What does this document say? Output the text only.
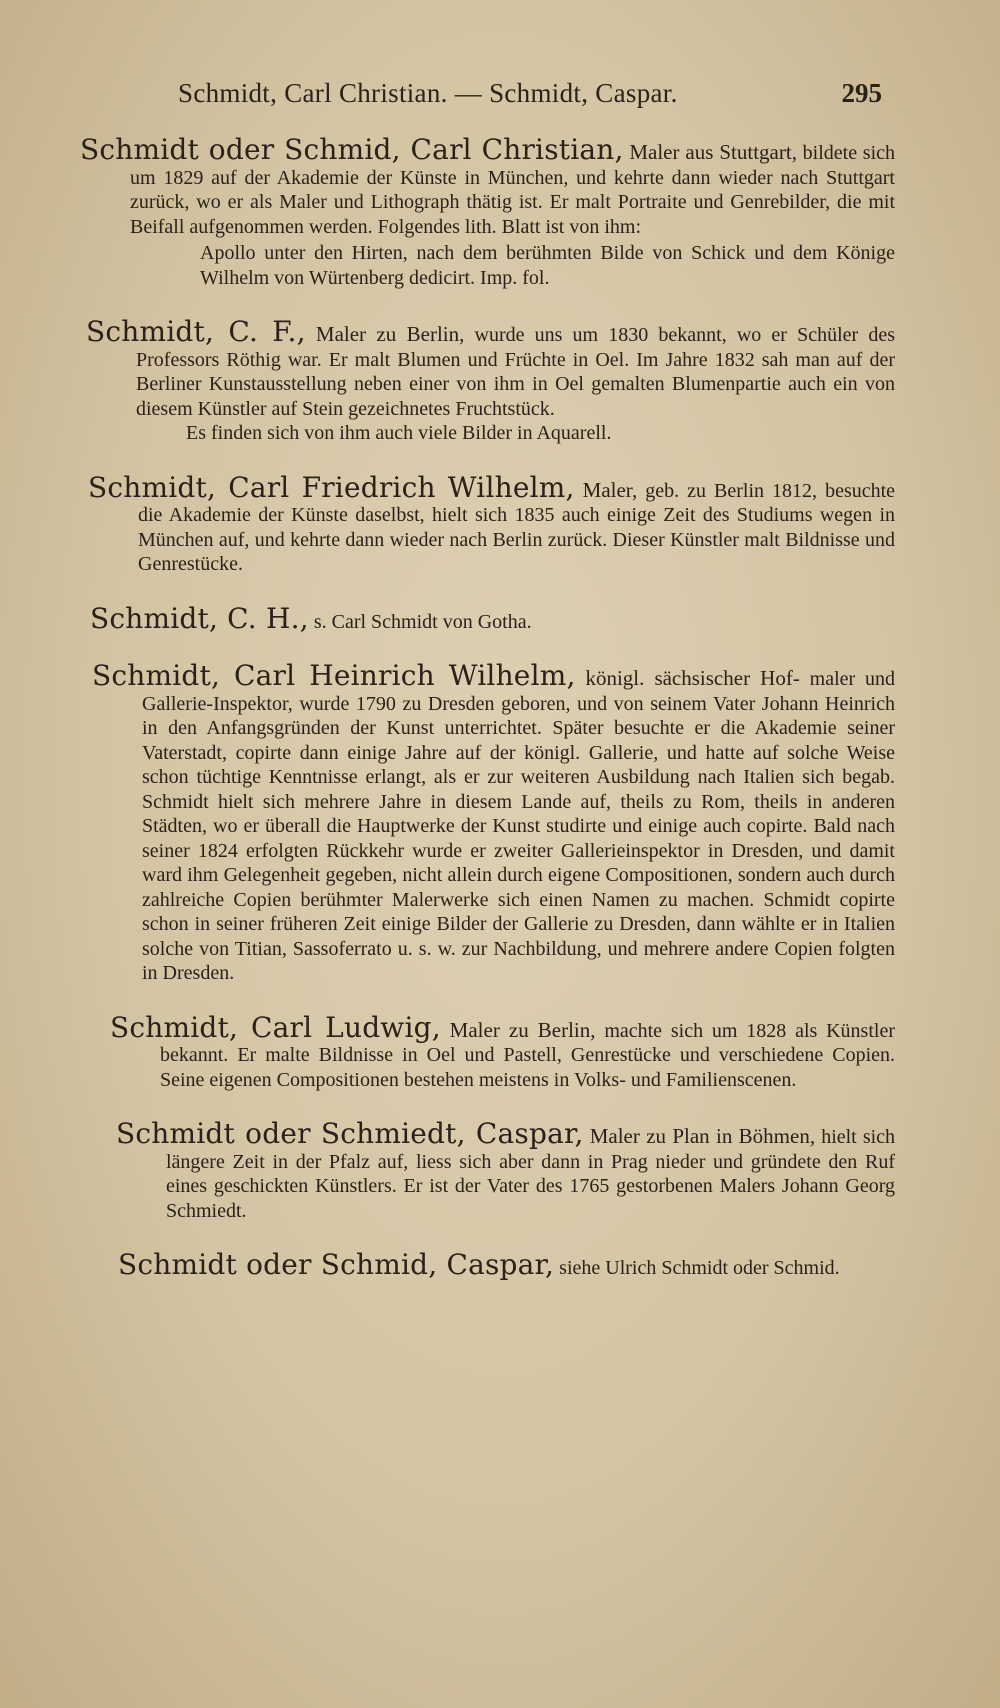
Schmidt, Carl Christian. — Schmidt, Caspar.	295
Schmidt oder Schmid, Carl Christian, Maler aus Stuttgart, bildete sich um 1829 auf der Akademie der Künste in München, und kehrte dann wieder nach Stuttgart zurück, wo er als Maler und Lithograph thätig ist. Er malt Portraite und Genrebilder, die mit Beifall aufgenommen werden. Folgendes lith. Blatt ist von ihm:
Apollo unter den Hirten, nach dem berühmten Bilde von Schick und dem Könige Wilhelm von Würtenberg dedicirt. Imp. fol.
Schmidt, C. F., Maler zu Berlin, wurde uns um 1830 bekannt, wo er Schüler des Professors Röthig war. Er malt Blumen und Früchte in Oel. Im Jahre 1832 sah man auf der Berliner Kunstausstellung neben einer von ihm in Oel gemalten Blumenpartie auch ein von diesem Künstler auf Stein gezeichnetes Fruchtstück.
Es finden sich von ihm auch viele Bilder in Aquarell.
Schmidt, Carl Friedrich Wilhelm, Maler, geb. zu Berlin 1812, besuchte die Akademie der Künste daselbst, hielt sich 1835 auch einige Zeit des Studiums wegen in München auf, und kehrte dann wieder nach Berlin zurück. Dieser Künstler malt Bildnisse und Genrestücke.
Schmidt, C. H., s. Carl Schmidt von Gotha.
Schmidt, Carl Heinrich Wilhelm, königl. sächsischer Hof- maler und Gallerie-Inspektor, wurde 1790 zu Dresden geboren, und von seinem Vater Johann Heinrich in den Anfangsgründen der Kunst unterrichtet. Später besuchte er die Akademie seiner Vaterstadt, copirte dann einige Jahre auf der königl. Gallerie, und hatte auf solche Weise schon tüchtige Kenntnisse erlangt, als er zur weiteren Ausbildung nach Italien sich begab. Schmidt hielt sich mehrere Jahre in diesem Lande auf, theils zu Rom, theils in anderen Städten, wo er überall die Hauptwerke der Kunst studirte und einige auch copirte. Bald nach seiner 1824 erfolgten Rückkehr wurde er zweiter Gallerieinspektor in Dresden, und damit ward ihm Gelegenheit gegeben, nicht allein durch eigene Compositionen, sondern auch durch zahlreiche Copien berühmter Malerwerke sich einen Namen zu machen. Schmidt copirte schon in seiner früheren Zeit einige Bilder der Gallerie zu Dresden, dann wählte er in Italien solche von Titian, Sassoferrato u. s. w. zur Nachbildung, und mehrere andere Copien folgten in Dresden.
Schmidt, Carl Ludwig, Maler zu Berlin, machte sich um 1828 als Künstler bekannt. Er malte Bildnisse in Oel und Pastell, Genrestücke und verschiedene Copien. Seine eigenen Compositionen bestehen meistens in Volks- und Familienscenen.
Schmidt oder Schmiedt, Caspar, Maler zu Plan in Böhmen, hielt sich längere Zeit in der Pfalz auf, liess sich aber dann in Prag nieder und gründete den Ruf eines geschickten Künstlers. Er ist der Vater des 1765 gestorbenen Malers Johann Georg Schmiedt.
Schmidt oder Schmid, Caspar, siehe Ulrich Schmidt oder Schmid.
